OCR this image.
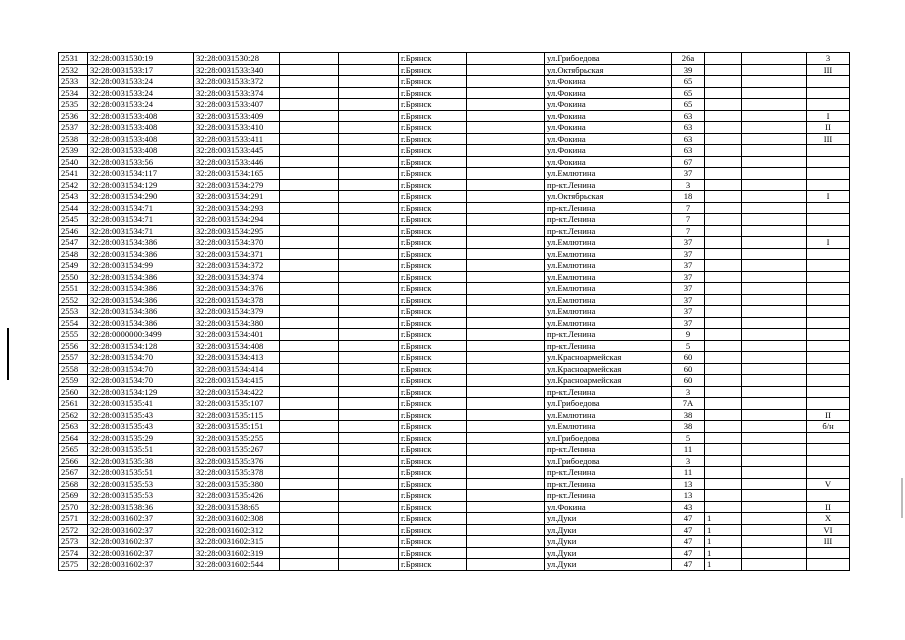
2531	32:28:0031530:19	32:28:0031530:28			г.Брянск		ул.Грибоедова	26а			3
2532	32:28:0031533:17	32:28:0031533:340			г.Брянск		ул.Октябрьская	39			III
2533	32:28:0031533:24	32:28:0031533:372			г.Брянск		ул.Фокина	65			
2534	32:28:0031533:24	32:28:0031533:374			г.Брянск		ул.Фокина	65			
2535	32:28:0031533:24	32:28:0031533:407			г.Брянск		ул.Фокина	65			
2536	32:28:0031533:408	32:28:0031533:409			г.Брянск		ул.Фокина	63			I
2537	32:28:0031533:408	32:28:0031533:410			г.Брянск		ул.Фокина	63			II
2538	32:28:0031533:408	32:28:0031533:411			г.Брянск		ул.Фокина	63			III
2539	32:28:0031533:408	32:28:0031533:445			г.Брянск		ул.Фокина	63			
2540	32:28:0031533:56	32:28:0031533:446			г.Брянск		ул.Фокина	67			
2541	32:28:0031534:117	32:28:0031534:165			г.Брянск		ул.Емлютина	37			
2542	32:28:0031534:129	32:28:0031534:279			г.Брянск		пр-кт.Ленина	3			
2543	32:28:0031534:290	32:28:0031534:291			г.Брянск		ул.Октябрьская	18			I
2544	32:28:0031534:71	32:28:0031534:293			г.Брянск		пр-кт.Ленина	7			
2545	32:28:0031534:71	32:28:0031534:294			г.Брянск		пр-кт.Ленина	7			
2546	32:28:0031534:71	32:28:0031534:295			г.Брянск		пр-кт.Ленина	7			
2547	32:28:0031534:386	32:28:0031534:370			г.Брянск		ул.Емлютина	37			I
2548	32:28:0031534:386	32:28:0031534:371			г.Брянск		ул.Емлютина	37			
2549	32:28:0031534:99	32:28:0031534:372			г.Брянск		ул.Емлютина	37			
2550	32:28:0031534:386	32:28:0031534:374			г.Брянск		ул.Емлютина	37			
2551	32:28:0031534:386	32:28:0031534:376			г.Брянск		ул.Емлютина	37			
2552	32:28:0031534:386	32:28:0031534:378			г.Брянск		ул.Емлютина	37			
2553	32:28:0031534:386	32:28:0031534:379			г.Брянск		ул.Емлютина	37			
2554	32:28:0031534:386	32:28:0031534:380			г.Брянск		ул.Емлютина	37			
2555	32:28:0000000:3499	32:28:0031534:401			г.Брянск		пр-кт.Ленина	9			
2556	32:28:0031534:128	32:28:0031534:408			г.Брянск		пр-кт.Ленина	5			
2557	32:28:0031534:70	32:28:0031534:413			г.Брянск		ул.Красноармейская	60			
2558	32:28:0031534:70	32:28:0031534:414			г.Брянск		ул.Красноармейская	60			
2559	32:28:0031534:70	32:28:0031534:415			г.Брянск		ул.Красноармейская	60			
2560	32:28:0031534:129	32:28:0031534:422			г.Брянск		пр-кт.Ленина	3			
2561	32:28:0031535:41	32:28:0031535:107			г.Брянск		ул.Грибоедова	7А			
2562	32:28:0031535:43	32:28:0031535:115			г.Брянск		ул.Емлютина	38			II
2563	32:28:0031535:43	32:28:0031535:151			г.Брянск		ул.Емлютина	38			б/н
2564	32:28:0031535:29	32:28:0031535:255			г.Брянск		ул.Грибоедова	5			
2565	32:28:0031535:51	32:28:0031535:267			г.Брянск		пр-кт.Ленина	11			
2566	32:28:0031535:38	32:28:0031535:376			г.Брянск		ул.Грибоедова	3			
2567	32:28:0031535:51	32:28:0031535:378			г.Брянск		пр-кт.Ленина	11			
2568	32:28:0031535:53	32:28:0031535:380			г.Брянск		пр-кт.Ленина	13			V
2569	32:28:0031535:53	32:28:0031535:426			г.Брянск		пр-кт.Ленина	13			
2570	32:28:0031538:36	32:28:0031538:65			г.Брянск		ул.Фокина	43			II
2571	32:28:0031602:37	32:28:0031602:308			г.Брянск		ул.Дуки	47	1		X
2572	32:28:0031602:37	32:28:0031602:312			г.Брянск		ул.Дуки	47	1		VI
2573	32:28:0031602:37	32:28:0031602:315			г.Брянск		ул.Дуки	47	1		III
2574	32:28:0031602:37	32:28:0031602:319			г.Брянск		ул.Дуки	47	1		
2575	32:28:0031602:37	32:28:0031602:544			г.Брянск		ул.Дуки	47	1		
